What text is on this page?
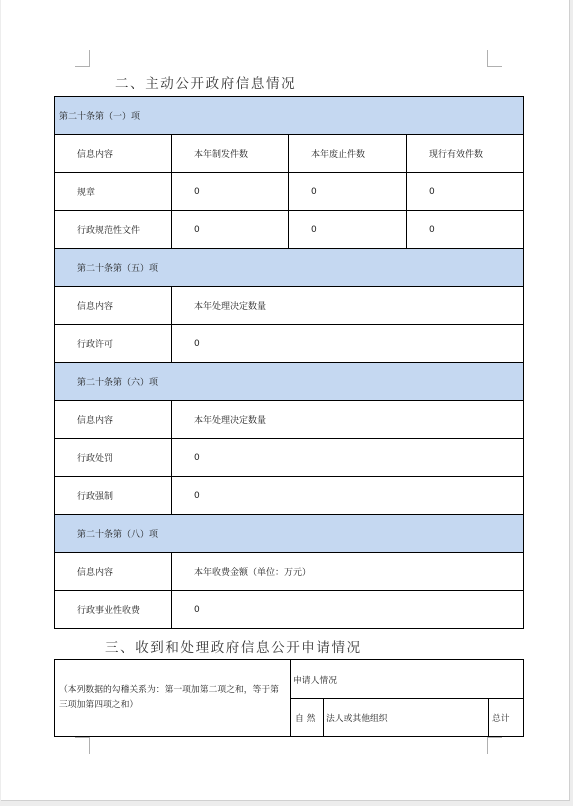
二、主动公开政府信息情况
第二十条第（一）项			
信息内容	本年制发件数	本年废止件数	现行有效件数
规章	0	0	0
行政规范性文件	0	0	0
第二十条第（五）项			
信息内容	本年处理决定数量		
行政许可	0		
第二十条第（六）项			
信息内容	本年处理决定数量		
行政处罚	0		
行政强制	0		
第二十条第（八）项			
信息内容	本年收费金额（单位：万元）		
行政事业性收费	0		
三、收到和处理政府信息公开申请情况
（本列数据的勾稽关系为：第一项加第二项之和，等于第三项加第四项之和）	申请人情况		
	自 然	法人或其他组织	总计
